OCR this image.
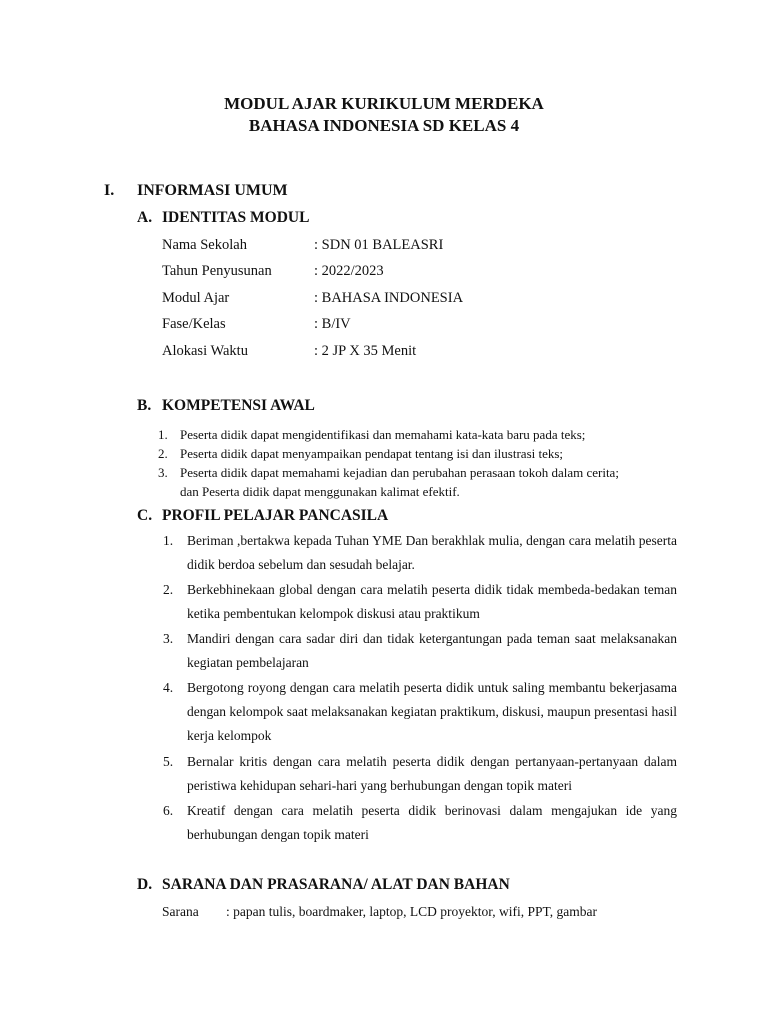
MODUL AJAR KURIKULUM MERDEKA
BAHASA INDONESIA SD KELAS 4
I. INFORMASI UMUM
A. IDENTITAS MODUL
Nama Sekolah	: SDN 01 BALEASRI
Tahun Penyusunan	: 2022/2023
Modul Ajar	: BAHASA INDONESIA
Fase/Kelas	: B/IV
Alokasi Waktu	: 2 JP X 35 Menit
B. KOMPETENSI AWAL
1. Peserta didik dapat mengidentifikasi dan memahami kata-kata baru pada teks;
2. Peserta didik dapat menyampaikan pendapat tentang isi dan ilustrasi teks;
3. Peserta didik dapat memahami kejadian dan perubahan perasaan tokoh dalam cerita;
dan Peserta didik dapat menggunakan kalimat efektif.
C. PROFIL PELAJAR PANCASILA
1. Beriman ,bertakwa kepada Tuhan YME Dan berakhlak mulia, dengan cara melatih peserta didik berdoa sebelum dan sesudah belajar.
2. Berkebhinekaan global dengan cara melatih peserta didik tidak membeda-bedakan teman ketika pembentukan kelompok diskusi atau praktikum
3. Mandiri dengan cara sadar diri dan tidak ketergantungan pada teman saat melaksanakan kegiatan pembelajaran
4. Bergotong royong dengan cara melatih peserta didik untuk saling membantu bekerjasama dengan kelompok saat melaksanakan kegiatan praktikum, diskusi, maupun presentasi hasil kerja kelompok
5. Bernalar kritis dengan cara melatih peserta didik dengan pertanyaan-pertanyaan dalam peristiwa kehidupan sehari-hari yang berhubungan dengan topik materi
6. Kreatif dengan cara melatih peserta didik berinovasi dalam mengajukan ide yang berhubungan dengan topik materi
D. SARANA DAN PRASARANA/ ALAT DAN BAHAN
Sarana : papan tulis, boardmaker, laptop, LCD proyektor, wifi, PPT, gambar
